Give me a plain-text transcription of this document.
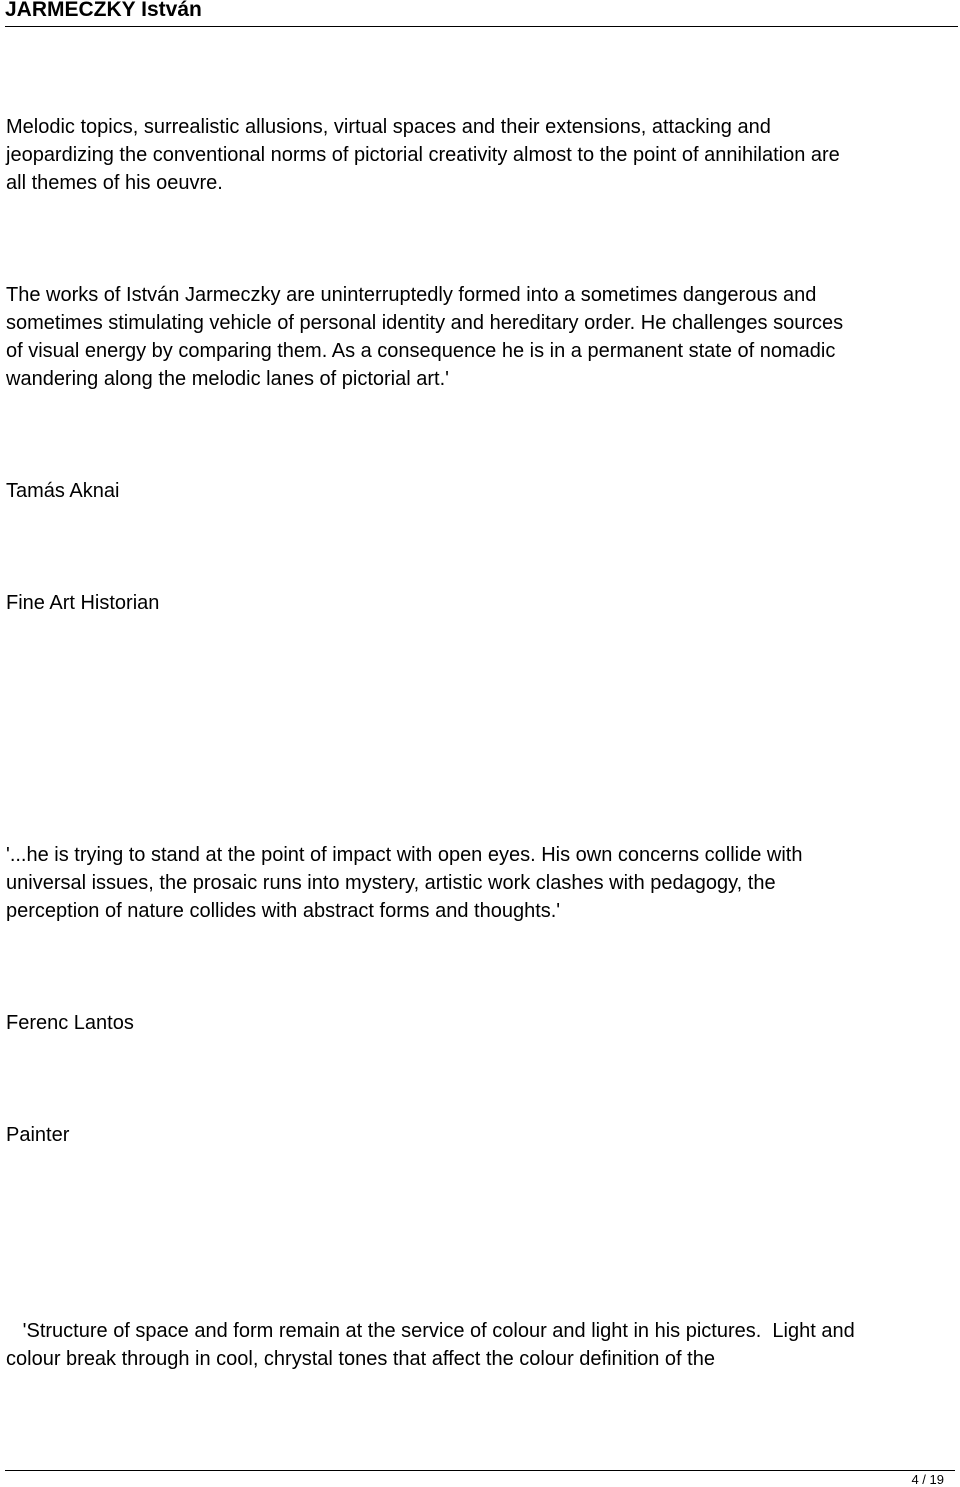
JARMECZKY István
Melodic topics, surrealistic allusions, virtual spaces and their extensions, attacking and
jeopardizing the conventional norms of pictorial creativity almost to the point of annihilation are
all themes of his oeuvre.
The works of István Jarmeczky are uninterruptedly formed into a sometimes dangerous and
sometimes stimulating vehicle of personal identity and hereditary order. He challenges sources
of visual energy by comparing them. As a consequence he is in a permanent state of nomadic
wandering along the melodic lanes of pictorial art.'
Tamás Aknai
Fine Art Historian
'...he is trying to stand at the point of impact with open eyes. His own concerns collide with
universal issues, the prosaic runs into mystery, artistic work clashes with pedagogy, the
perception of nature collides with abstract forms and thoughts.'
Ferenc Lantos
Painter
'Structure of space and form remain at the service of colour and light in his pictures.  Light and
colour break through in cool, chrystal tones that affect the colour definition of the
4 / 19
